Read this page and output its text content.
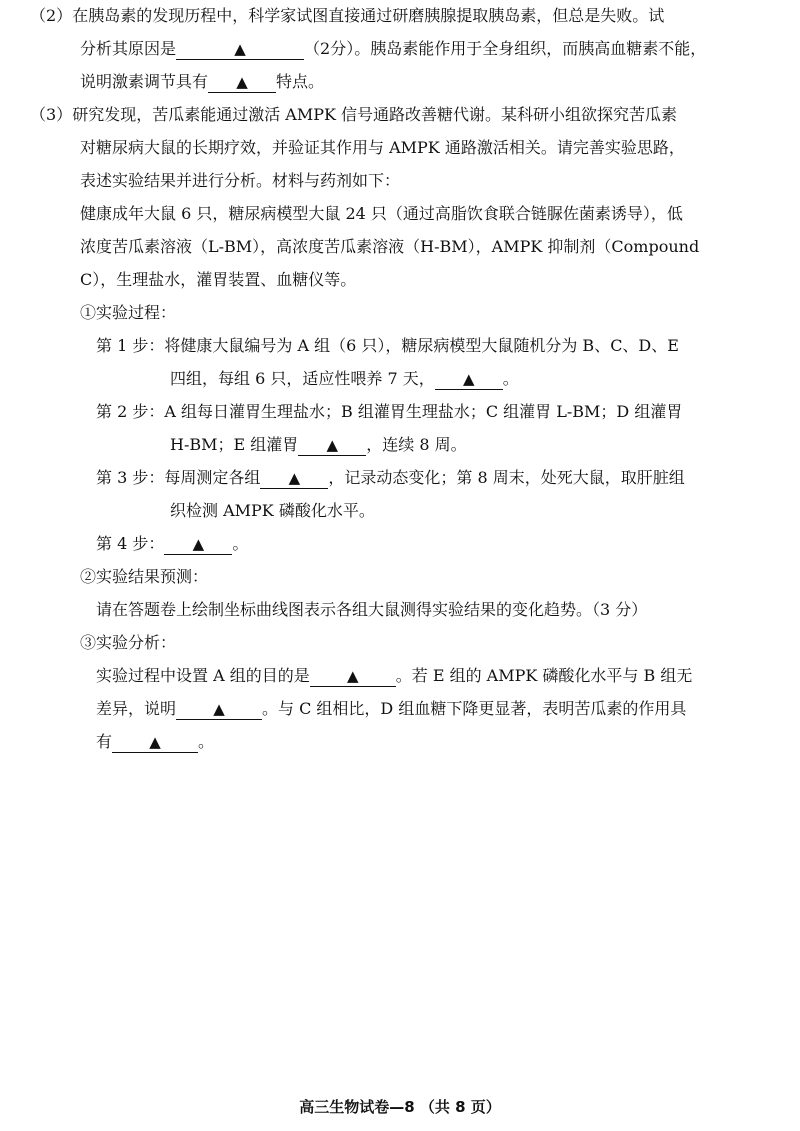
（2）在胰岛素的发现历程中，科学家试图直接通过研磨胰腺提取胰岛素，但总是失败。试
分析其原因是	▲	（2分）。胰岛素能作用于全身组织，而胰高血糖素不能，
说明激素调节具有 ▲ 特点。
（3）研究发现，苦瓜素能通过激活 AMPK 信号通路改善糖代谢。某科研小组欲探究苦瓜素
对糖尿病大鼠的长期疗效，并验证其作用与 AMPK 通路激活相关。请完善实验思路，
表述实验结果并进行分析。材料与药剂如下：
健康成年大鼠 6 只，糖尿病模型大鼠 24 只（通过高脂饮食联合链脲佐菌素诱导），低
浓度苦瓜素溶液（L-BM），高浓度苦瓜素溶液（H-BM），AMPK 抑制剂（Compound
C），生理盐水，灌胃装置、血糖仪等。
①实验过程：
第 1 步：将健康大鼠编号为 A 组（6 只），糖尿病模型大鼠随机分为 B、C、D、E
四组，每组 6 只，适应性喂养 7 天， ▲ 。
第 2 步：A 组每日灌胃生理盐水；B 组灌胃生理盐水；C 组灌胃 L-BM；D 组灌胃
H-BM；E 组灌胃 ▲ ，连续 8 周。
第 3 步：每周测定各组 ▲ ，记录动态变化；第 8 周末，处死大鼠，取肝脏组
织检测 AMPK 磷酸化水平。
第 4 步： ▲ 。
②实验结果预测：
请在答题卷上绘制坐标曲线图表示各组大鼠测得实验结果的变化趋势。（3 分）
③实验分析：
实验过程中设置 A 组的目的是 ▲ 。若 E 组的 AMPK 磷酸化水平与 B 组无
差异，说明 ▲ 。与 C 组相比，D 组血糖下降更显著，表明苦瓜素的作用具
有 ▲ 。
高三生物试卷—8 （共 8 页）
